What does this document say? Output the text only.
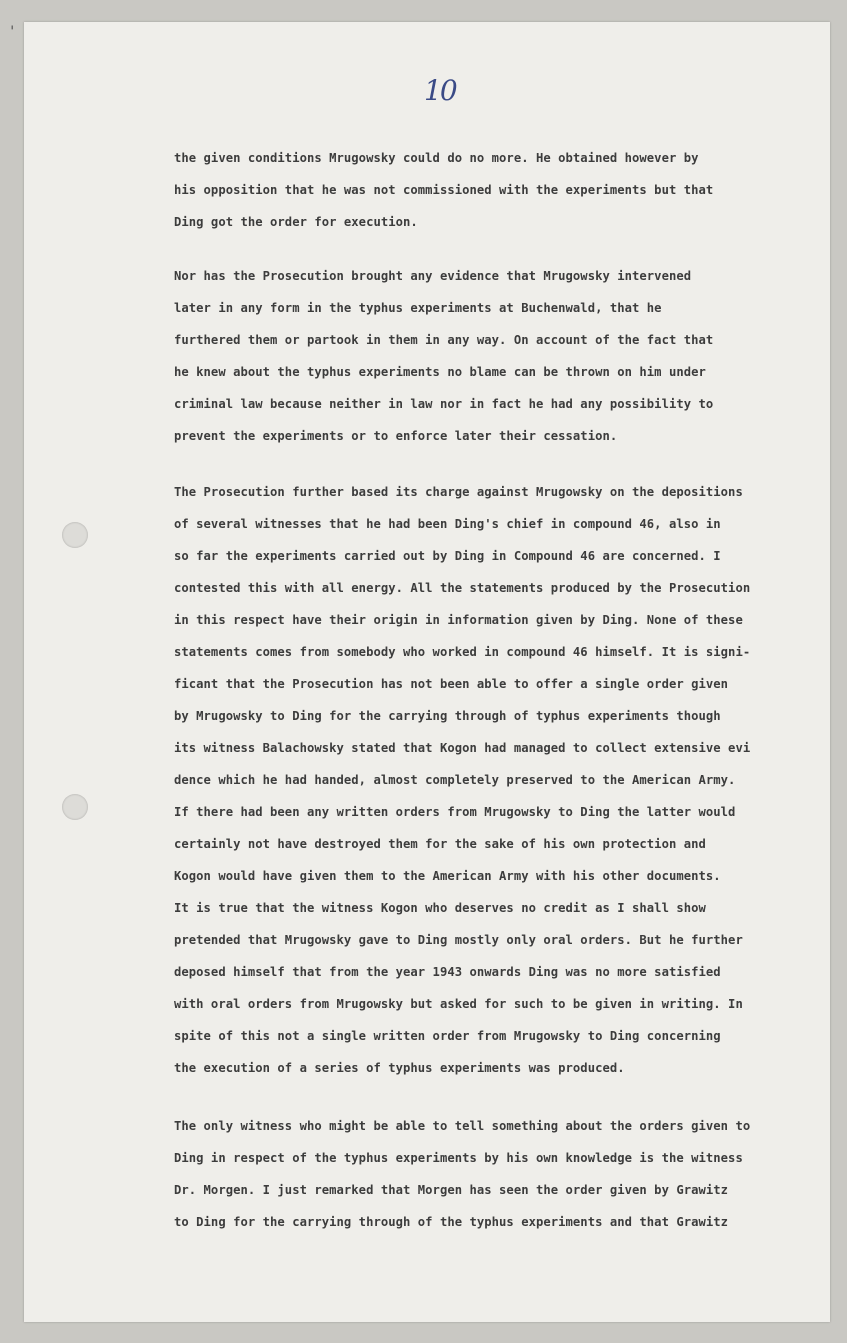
10
'
the given conditions Mrugowsky could do no more. He obtained however by
his opposition that he was not commissioned with the experiments but that
Ding got the order for execution.
Nor has the Prosecution brought any evidence that Mrugowsky intervened
later in any form in the typhus experiments at Buchenwald, that he
furthered them or partook in them in any way. On account of the fact that
he knew about the typhus experiments no blame can be thrown on him under
criminal law because neither in law nor in fact he had any possibility to
prevent the experiments or to enforce later their cessation.
The Prosecution further based its charge against Mrugowsky on the depositions
of several witnesses that he had been Ding's chief in compound 46, also in
so far the experiments carried out by Ding in Compound 46 are concerned. I
contested this with all energy. All the statements produced by the Prosecution
in this respect have their origin in information given by Ding. None of these
statements comes from somebody who worked in compound 46 himself. It is signi-
ficant that the Prosecution has not been able to offer a single order given
by Mrugowsky to Ding for the carrying through of typhus experiments though
its witness Balachowsky stated that Kogon had managed to collect extensive evi
dence which he had handed, almost completely preserved to the American Army.
If there had been any written orders from Mrugowsky to Ding the latter would
certainly not have destroyed them for the sake of his own protection and
Kogon would have given them to the American Army with his other documents.
It is true that the witness Kogon who deserves no credit as I shall show
pretended that Mrugowsky gave to Ding mostly only oral orders. But he further
deposed himself that from the year 1943 onwards Ding was no more satisfied
with oral orders from Mrugowsky but asked for such to be given in writing. In
spite of this not a single written order from Mrugowsky to Ding concerning
the execution of a series of typhus experiments was produced.
The only witness who might be able to tell something about the orders given to
Ding in respect of the typhus experiments by his own knowledge is the witness
Dr. Morgen. I just remarked that Morgen has seen the order given by Grawitz
to Ding for the carrying through of the typhus experiments and that Grawitz
